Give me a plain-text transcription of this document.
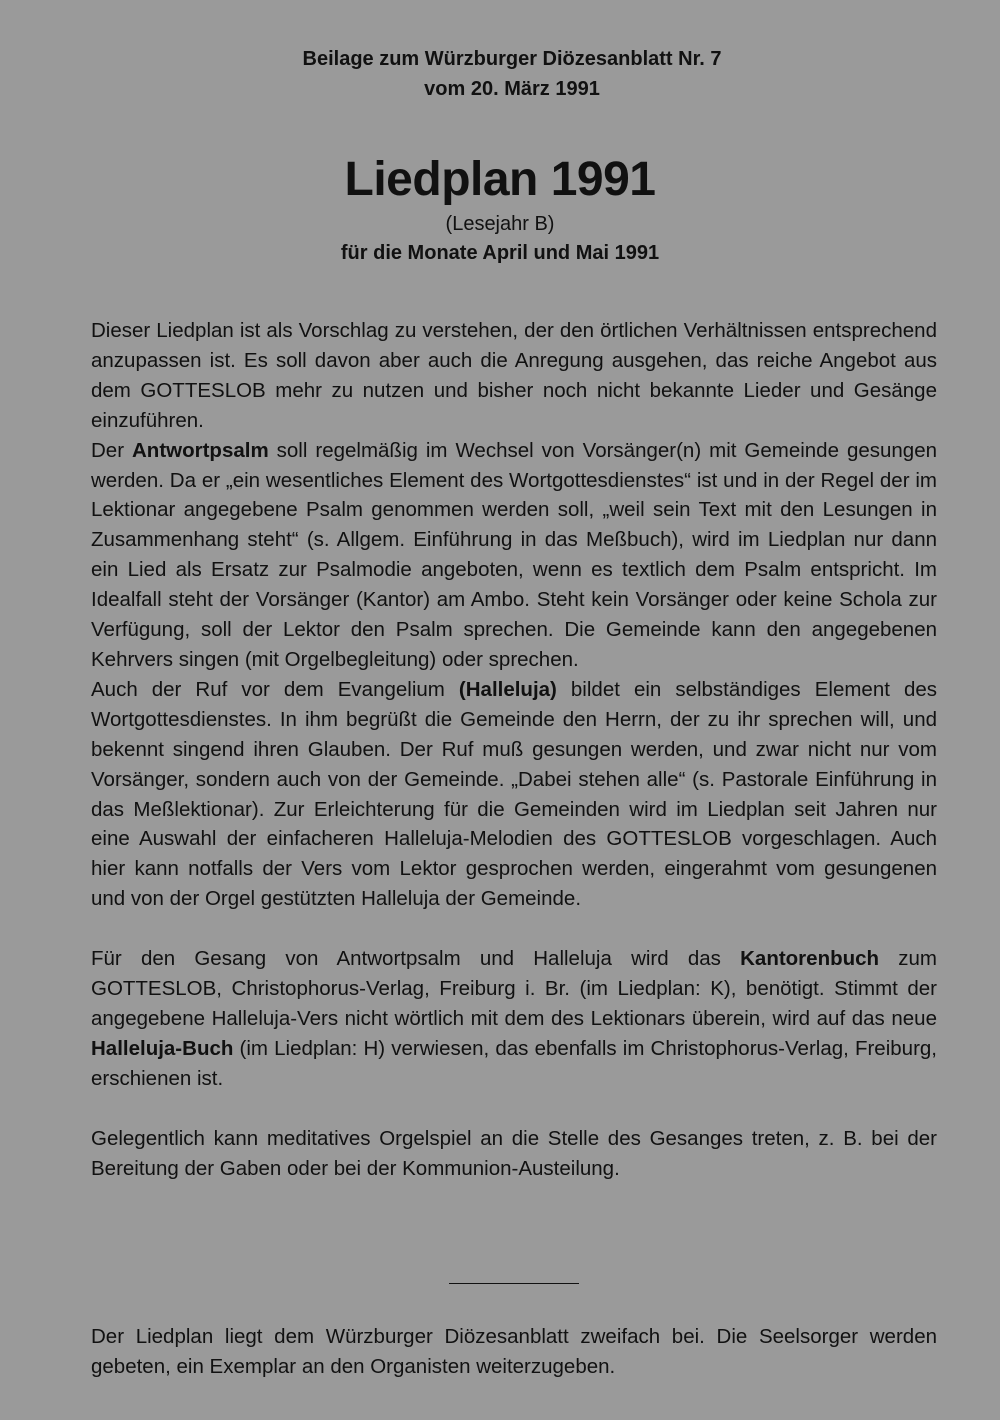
Beilage zum Würzburger Diözesanblatt Nr. 7
vom 20. März 1991
Liedplan 1991
(Lesejahr B)
für die Monate April und Mai 1991

Dieser Liedplan ist als Vorschlag zu verstehen, der den örtlichen Verhältnissen entsprechend anzupassen ist. Es soll davon aber auch die Anregung ausgehen, das reiche Angebot aus dem GOTTESLOB mehr zu nutzen und bisher noch nicht bekannte Lieder und Gesänge einzuführen.

Der Antwortpsalm soll regelmäßig im Wechsel von Vorsänger(n) mit Gemeinde gesungen werden. Da er „ein wesentliches Element des Wortgottesdienstes“ ist und in der Regel der im Lektionar angegebene Psalm genommen werden soll, „weil sein Text mit den Lesungen in Zusammenhang steht“ (s. Allgem. Einführung in das Meßbuch), wird im Liedplan nur dann ein Lied als Ersatz zur Psalmodie angeboten, wenn es textlich dem Psalm entspricht. Im Idealfall steht der Vorsänger (Kantor) am Ambo. Steht kein Vorsänger oder keine Schola zur Verfügung, soll der Lektor den Psalm sprechen. Die Gemeinde kann den angegebenen Kehrvers singen (mit Orgelbegleitung) oder sprechen.

Auch der Ruf vor dem Evangelium (Halleluja) bildet ein selbständiges Element des Wortgottesdienstes. In ihm begrüßt die Gemeinde den Herrn, der zu ihr sprechen will, und bekennt singend ihren Glauben. Der Ruf muß gesungen werden, und zwar nicht nur vom Vorsänger, sondern auch von der Gemeinde. „Dabei stehen alle“ (s. Pastorale Einführung in das Meßlektionar). Zur Erleichterung für die Gemeinden wird im Liedplan seit Jahren nur eine Auswahl der einfacheren Halleluja-Melodien des GOTTESLOB vorgeschlagen. Auch hier kann notfalls der Vers vom Lektor gesprochen werden, eingerahmt vom gesungenen und von der Orgel gestützten Halleluja der Gemeinde.

Für den Gesang von Antwortpsalm und Halleluja wird das Kantorenbuch zum GOTTESLOB, Christophorus-Verlag, Freiburg i. Br. (im Liedplan: K), benötigt. Stimmt der angegebene Halleluja-Vers nicht wörtlich mit dem des Lektionars überein, wird auf das neue Halleluja-Buch (im Liedplan: H) verwiesen, das ebenfalls im Christophorus-Verlag, Freiburg, erschienen ist.

Gelegentlich kann meditatives Orgelspiel an die Stelle des Gesanges treten, z. B. bei der Bereitung der Gaben oder bei der Kommunion-Austeilung.

Der Liedplan liegt dem Würzburger Diözesanblatt zweifach bei. Die Seelsorger werden gebeten, ein Exemplar an den Organisten weiterzugeben.
